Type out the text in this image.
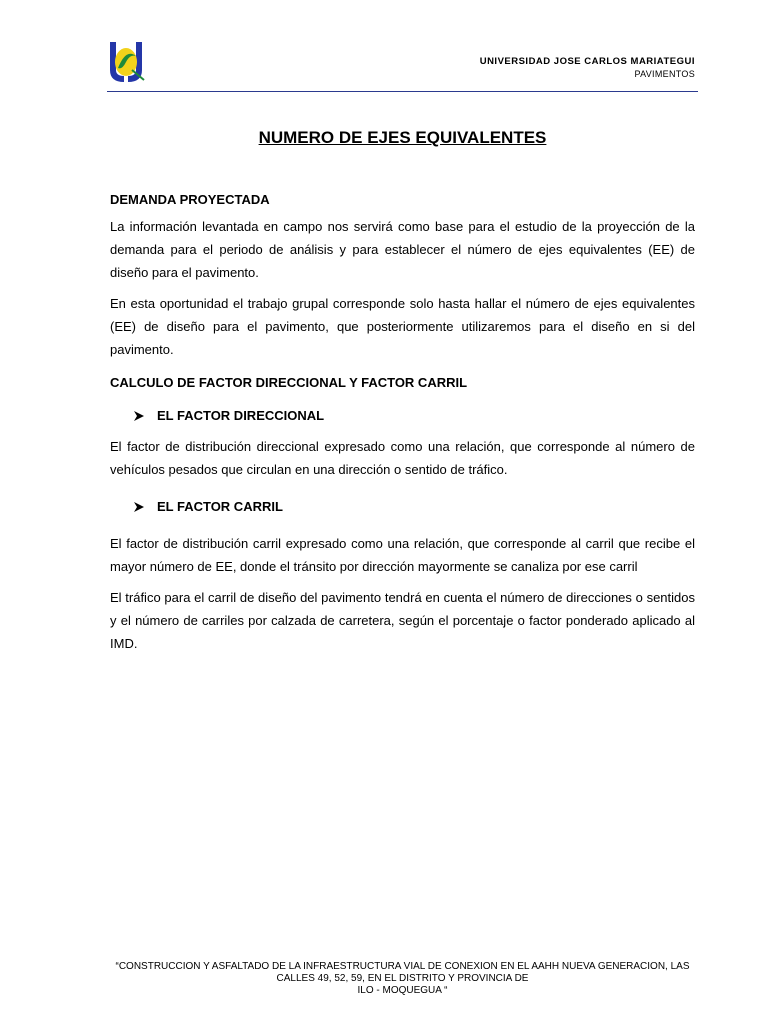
UNIVERSIDAD JOSE CARLOS MARIATEGUI
PAVIMENTOS
NUMERO DE EJES EQUIVALENTES
DEMANDA PROYECTADA

La información levantada en campo nos servirá como base para el estudio de la proyección de la demanda para el periodo de análisis y para establecer el número de ejes equivalentes (EE) de diseño para el pavimento.

En esta oportunidad el trabajo grupal corresponde solo hasta hallar el número de ejes equivalentes (EE) de diseño para el pavimento, que posteriormente utilizaremos para el diseño en si del pavimento.

CALCULO DE FACTOR DIRECCIONAL Y FACTOR CARRIL
EL FACTOR DIRECCIONAL

El factor de distribución direccional expresado como una relación, que corresponde al número de vehículos pesados que circulan en una dirección o sentido de tráfico.

EL FACTOR CARRIL

El factor de distribución carril expresado como una relación, que corresponde al carril que recibe el mayor número de EE, donde el tránsito por dirección mayormente se canaliza por ese carril

El tráfico para el carril de diseño del pavimento tendrá en cuenta el número de direcciones o sentidos y el número de carriles por calzada de carretera, según el porcentaje o factor ponderado aplicado al IMD.

“CONSTRUCCION Y ASFALTADO DE LA INFRAESTRUCTURA VIAL DE CONEXION EN EL AAHH NUEVA GENERACION, LAS CALLES 49, 52, 59, EN EL DISTRITO Y PROVINCIA DE
ILO - MOQUEGUA “
